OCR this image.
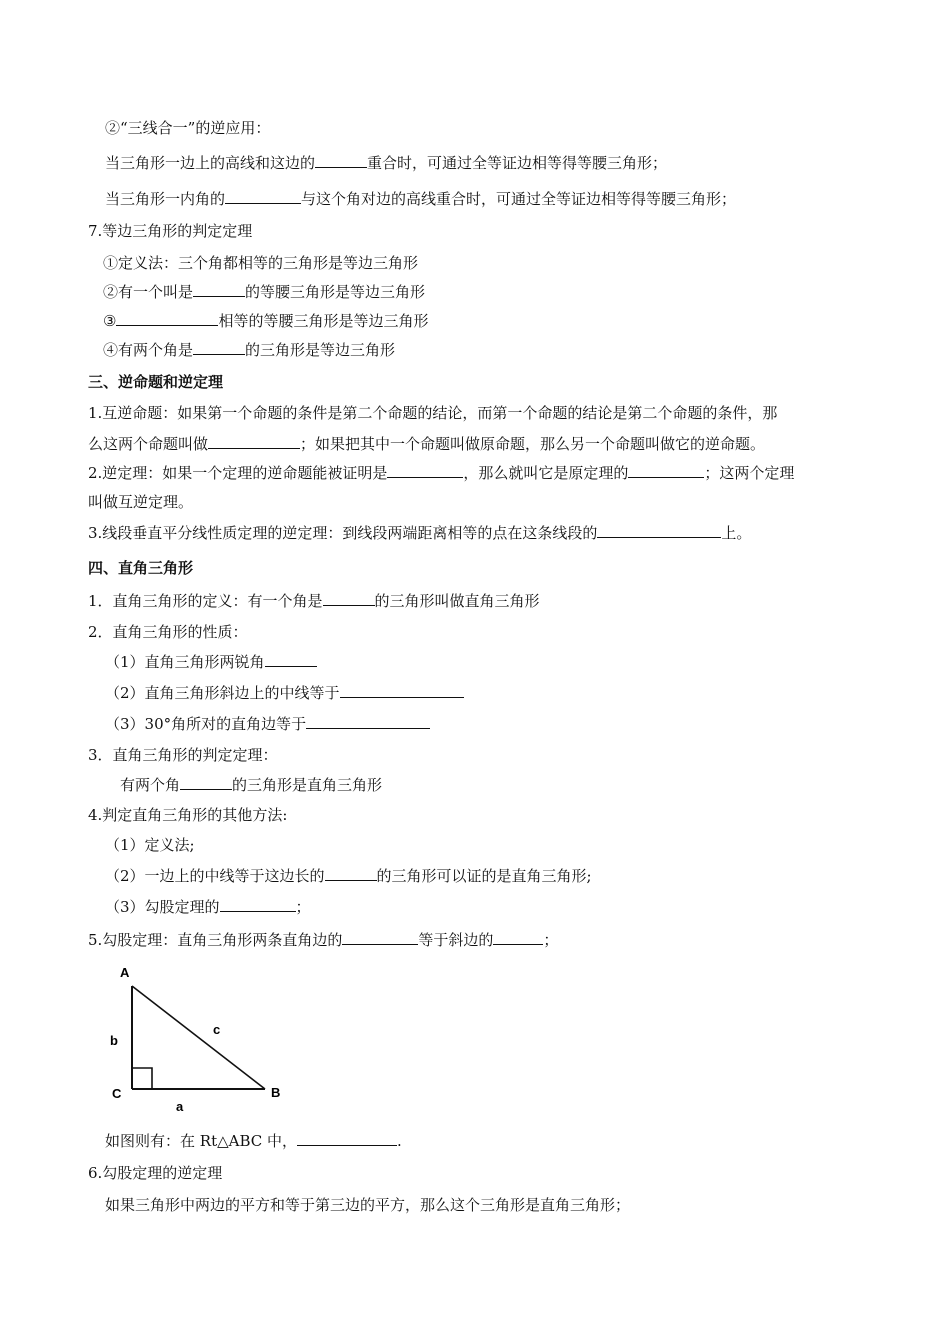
②“三线合一”的逆应用：
当三角形一边上的高线和这边的	重合时，可通过全等证边相等得等腰三角形；
当三角形一内角的	与这个角对边的高线重合时，可通过全等证边相等得等腰三角形；
7.等边三角形的判定定理
①定义法：三个角都相等的三角形是等边三角形
②有一个叫是	的等腰三角形是等边三角形
③	相等的等腰三角形是等边三角形
④有两个角是	的三角形是等边三角形
三、逆命题和逆定理
1.互逆命题：如果第一个命题的条件是第二个命题的结论，而第一个命题的结论是第二个命题的条件，那
么这两个命题叫做	；如果把其中一个命题叫做原命题，那么另一个命题叫做它的逆命题。
2.逆定理：如果一个定理的逆命题能被证明是	，那么就叫它是原定理的	；这两个定理
叫做互逆定理。
3.线段垂直平分线性质定理的逆定理：到线段两端距离相等的点在这条线段的	上。
四、直角三角形
1．直角三角形的定义：有一个角是	的三角形叫做直角三角形
2．直角三角形的性质：
（1）直角三角形两锐角
（2）直角三角形斜边上的中线等于
（3）30°角所对的直角边等于
3．直角三角形的判定定理：
有两个角	的三角形是直角三角形
4.判定直角三角形的其他方法:
（1）定义法;
（2）一边上的中线等于这边长的	的三角形可以证的是直角三角形;
（3）勾股定理的	；
5.勾股定理：直角三角形两条直角边的	等于斜边的	；
A
B
C
a
b
c
如图则有：在 Rt△ABC 中，	.
6.勾股定理的逆定理
如果三角形中两边的平方和等于第三边的平方，那么这个三角形是直角三角形；
